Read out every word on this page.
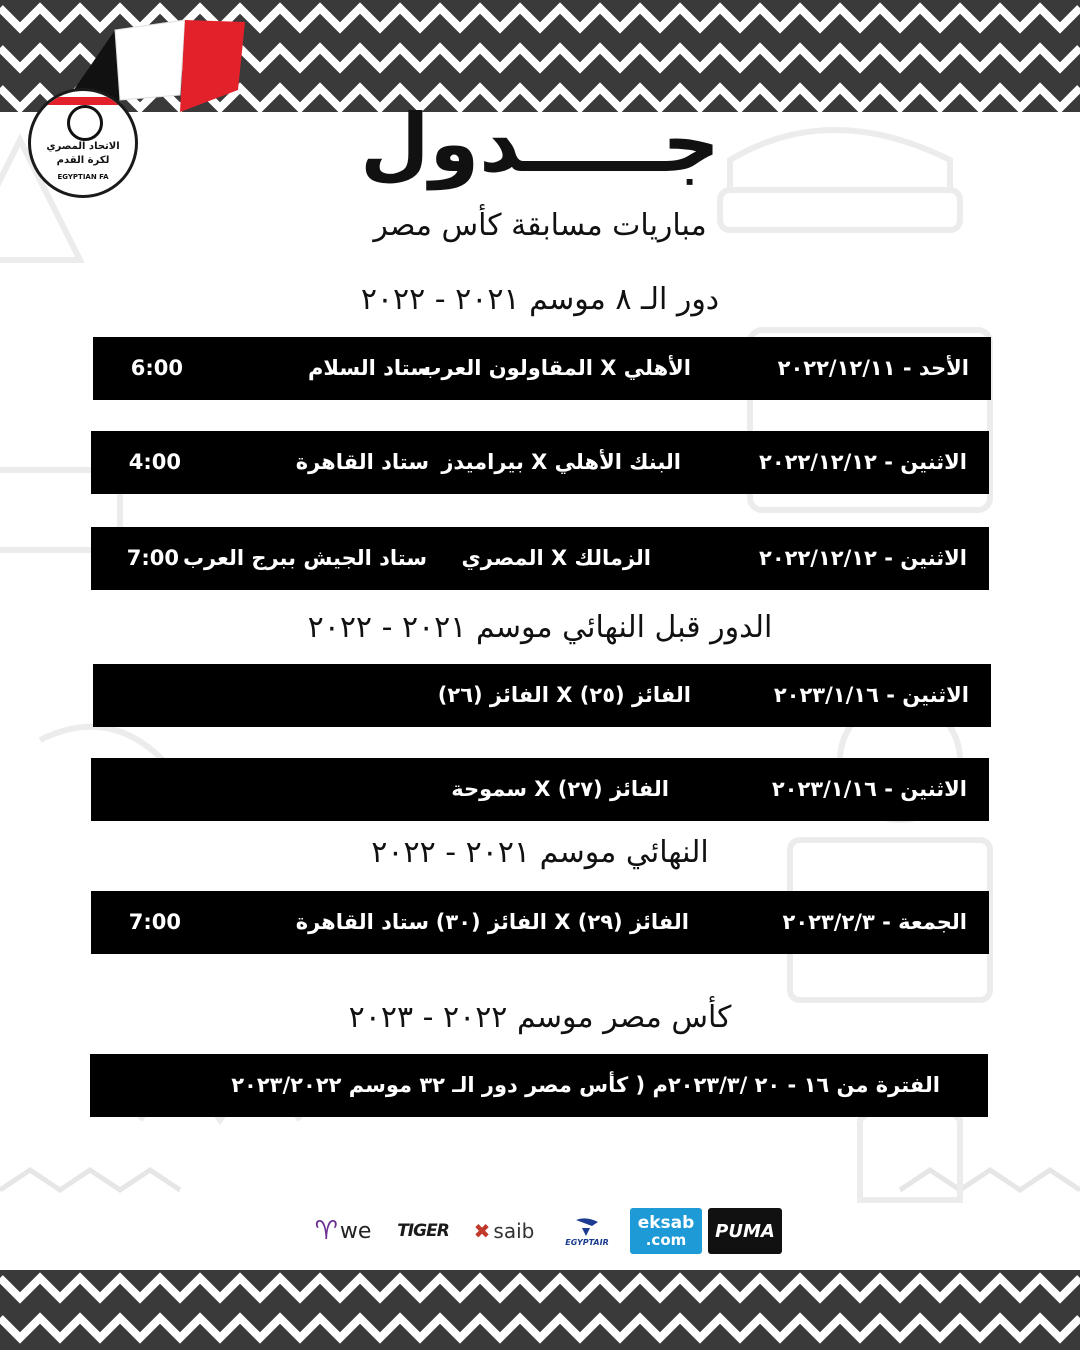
الاتحاد المصري
لكرة القدم
EGYPTIAN FA	جـــــدول
مباريات مسابقة كأس مصر
دور الـ ٨ موسم ٢٠٢١ - ٢٠٢٢
الأحد - ٢٠٢٢/١٢/١١
الأهلي X المقاولون العرب
ستاد السلام
6:00
الاثنين - ٢٠٢٢/١٢/١٢
البنك الأهلي X بيراميدز
ستاد القاهرة
4:00
الاثنين - ٢٠٢٢/١٢/١٢
الزمالك X المصري
ستاد الجيش ببرج العرب
7:00
الدور قبل النهائي موسم ٢٠٢١ - ٢٠٢٢
الاثنين - ٢٠٢٣/١/١٦
الفائز (٢٥) X الفائز (٢٦)
الاثنين - ٢٠٢٣/١/١٦
الفائز (٢٧) X سموحة
النهائي موسم ٢٠٢١ - ٢٠٢٢
الجمعة - ٢٠٢٣/٢/٣
الفائز (٢٩) X الفائز (٣٠)
ستاد القاهرة
7:00
كأس مصر موسم ٢٠٢٢ - ٢٠٢٣
الفترة من ١٦ - ٢٠ /٢٠٢٣/٣م ( كأس مصر دور الـ ٣٢ موسم ٢٠٢٣/٢٠٢٢
♈ we TIGER ✖ saib	EGYPTAIR
eksab
.com PUMA
